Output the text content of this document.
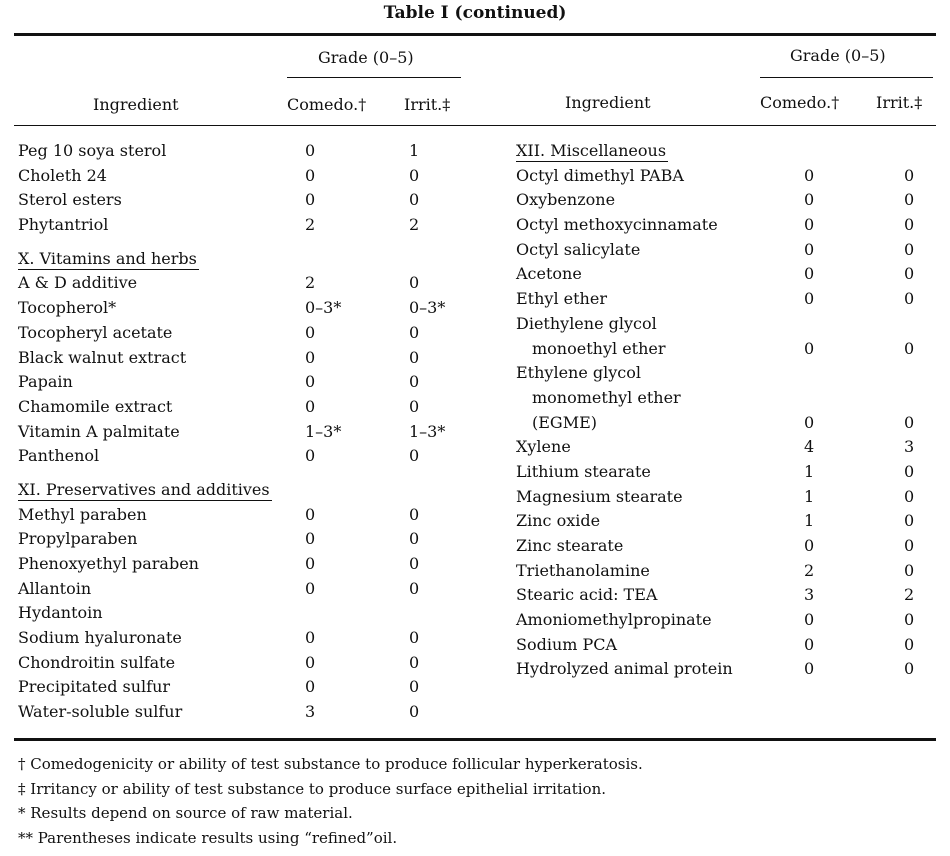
Table I (continued)
Grade (0–5)
Ingredient	Comedo.† Irrit.‡
Grade (0–5)
Ingredient	Comedo.† Irrit.‡
Peg 10 soya sterol	0	1
Choleth 24	0	0
Sterol esters	0	0
Phytantriol	2	2
X. Vitamins and herbs
A & D additive	2	0
Tocopherol*	0–3*	0–3*
Tocopheryl acetate	0	0
Black walnut extract	0	0
Papain	0	0
Chamomile extract	0	0
Vitamin A palmitate	1–3*	1–3*
Panthenol	0	0
XI. Preservatives and additives
Methyl paraben	0	0
Propylparaben	0	0
Phenoxyethyl paraben	0	0
Allantoin	0	0
Hydantoin
Sodium hyaluronate	0	0
Chondroitin sulfate	0	0
Precipitated sulfur	0	0
Water-soluble sulfur	3	0
XII. Miscellaneous
Octyl dimethyl PABA	0	0
Oxybenzone	0	0
Octyl methoxycinnamate	0	0
Octyl salicylate	0	0
Acetone	0	0
Ethyl ether	0	0
Diethylene glycol
monoethyl ether	0	0
Ethylene glycol
monomethyl ether
(EGME)	0	0
Xylene	4	3
Lithium stearate	1	0
Magnesium stearate	1	0
Zinc oxide	1	0
Zinc stearate	0	0
Triethanolamine	2	0
Stearic acid: TEA	3	2
Amoniomethylpropinate	0	0
Sodium PCA	0	0
Hydrolyzed animal protein	0	0
† Comedogenicity or ability of test substance to produce follicular hyperkeratosis.
‡ Irritancy or ability of test substance to produce surface epithelial irritation.
* Results depend on source of raw material.
** Parentheses indicate results using “refined”oil.
